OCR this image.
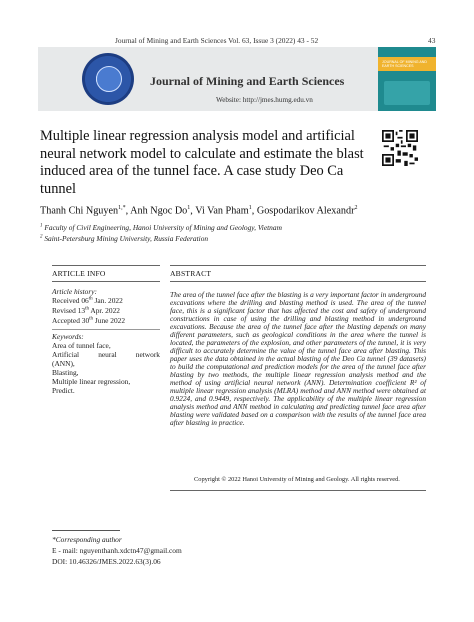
Journal of Mining and Earth Sciences Vol. 63, Issue 3 (2022) 43 - 52	43
Journal of Mining and Earth Sciences
Website: http://jmes.humg.edu.vn
JOURNAL OF MINING AND EARTH SCIENCES
Multiple linear regression analysis model and artificial neural network model to calculate and estimate the blast induced area of the tunnel face. A case study Deo Ca tunnel
Thanh Chi Nguyen$^{1,*}$, Anh Ngoc Do$^1$, Vi Van Pham$^1$, Gospodarikov Alexandr$^2$
$^1$ Faculty of Civil Engineering, Hanoi University of Mining and Geology, Vietnam
$^2$ Saint-Petersburg Mining University, Russia Federation
ARTICLE INFO
Article history:
Received 06th Jan. 2022
Revised 13th Apr. 2022
Accepted 30th June 2022
Keywords:
Area of tunnel face,
Artificial neural network
(ANN),
Blasting,
Multiple linear regression,
Predict.
ABSTRACT

The area of the tunnel face after the blasting is a very important factor in underground excavations where the drilling and blasting method is used. The area of the tunnel face, this is a significant factor that has affected the cost and safety of underground constructions in case of using the drilling and blasting method in underground excavations. Because the area of the tunnel face after the blasting depends on many different parameters, such as geological conditions in the area where the tunnel is located, the parameters of the explosion, and other parameters of the tunnel, it is very difficult to accurately determine the value of the tunnel face area after blasting. This paper uses the data obtained in the actual blasting of the Deo Ca tunnel (39 datasets) to build the computational and prediction models for the area of the tunnel face after blasting by two methods, the multiple linear regression analysis method and the method of using artificial neural network (ANN). Determination coefficient R² of multiple linear regression analysis (MLRA) method and ANN method were obtained at 0.9224, and 0.9449, respectively. The applicability of the multiple linear regression analysis method and ANN method in calculating and predicting tunnel face area after blasting were validated based on a comparison with the results of the tunnel face area after blasting in practice.

Copyright © 2022 Hanoi University of Mining and Geology. All rights reserved.
*Corresponding author
E - mail: nguyenthanh.xdctn47@gmail.com
DOI: 10.46326/JMES.2022.63(3).06
